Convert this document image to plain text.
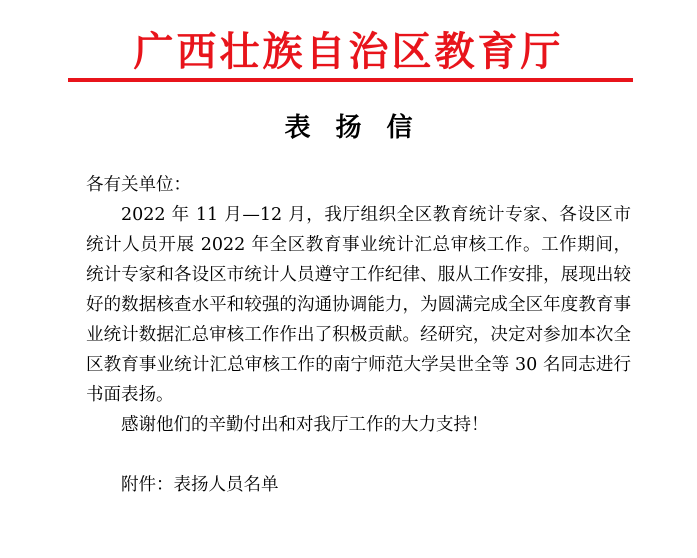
广西壮族自治区教育厅
表 扬 信

各有关单位：

2022 年 11 月—12 月，我厅组织全区教育统计专家、各设区市统计人员开展 2022 年全区教育事业统计汇总审核工作。工作期间，统计专家和各设区市统计人员遵守工作纪律、服从工作安排，展现出较好的数据核查水平和较强的沟通协调能力，为圆满完成全区年度教育事业统计数据汇总审核工作作出了积极贡献。经研究，决定对参加本次全区教育事业统计汇总审核工作的南宁师范大学吴世全等 30 名同志进行书面表扬。

感谢他们的辛勤付出和对我厅工作的大力支持！

附件：表扬人员名单
